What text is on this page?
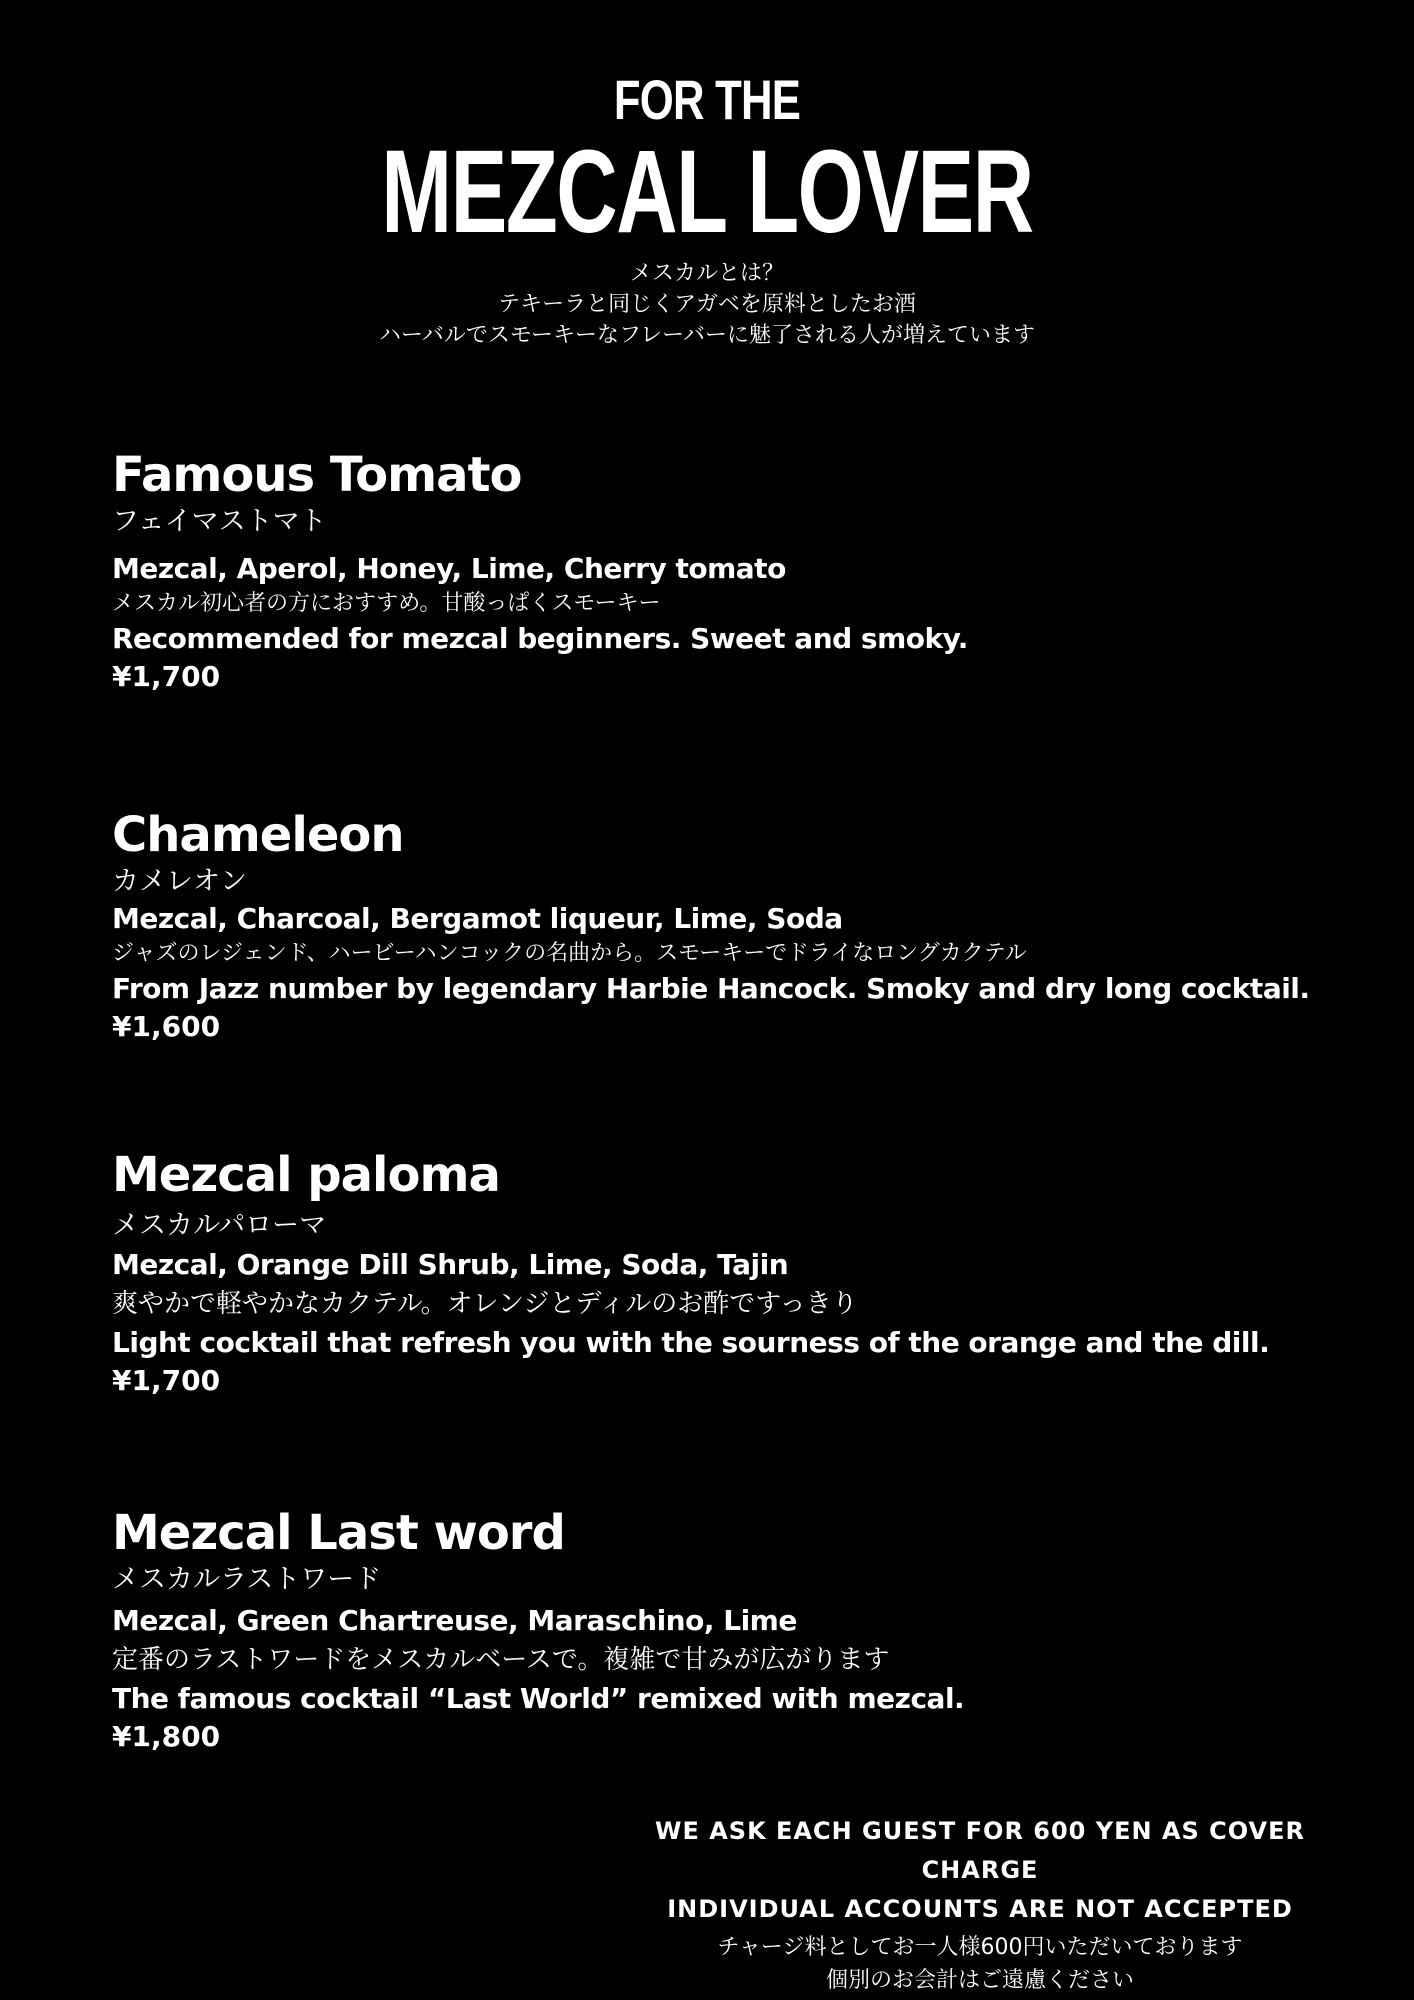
FOR THE
MEZCAL LOVER
メスカルとは？
テキーラと同じくアガベを原料としたお酒
ハーバルでスモーキーなフレーバーに魅了される人が増えています
Famous Tomato
フェイマストマト
Mezcal, Aperol, Honey, Lime, Cherry tomato
メスカル初心者の方におすすめ。甘酸っぱくスモーキー
Recommended for mezcal beginners. Sweet and smoky.
¥1,700
Chameleon
カメレオン
Mezcal, Charcoal, Bergamot liqueur, Lime, Soda
ジャズのレジェンド、ハービーハンコックの名曲から。スモーキーでドライなロングカクテル
From Jazz number by legendary Harbie Hancock. Smoky and dry long cocktail.
¥1,600
Mezcal paloma
メスカルパローマ
Mezcal, Orange Dill Shrub, Lime, Soda, Tajin
爽やかで軽やかなカクテル。オレンジとディルのお酢ですっきり
Light cocktail that refresh you with the sourness of the orange and the dill.
¥1,700
Mezcal Last word
メスカルラストワード
Mezcal, Green Chartreuse, Maraschino, Lime
定番のラストワードをメスカルベースで。複雑で甘みが広がります
The famous cocktail “Last World” remixed with mezcal.
¥1,800
WE ASK EACH GUEST FOR 600 YEN AS COVER CHARGE
INDIVIDUAL ACCOUNTS ARE NOT ACCEPTED
チャージ料としてお一人様600円いただいております
個別のお会計はご遠慮ください
